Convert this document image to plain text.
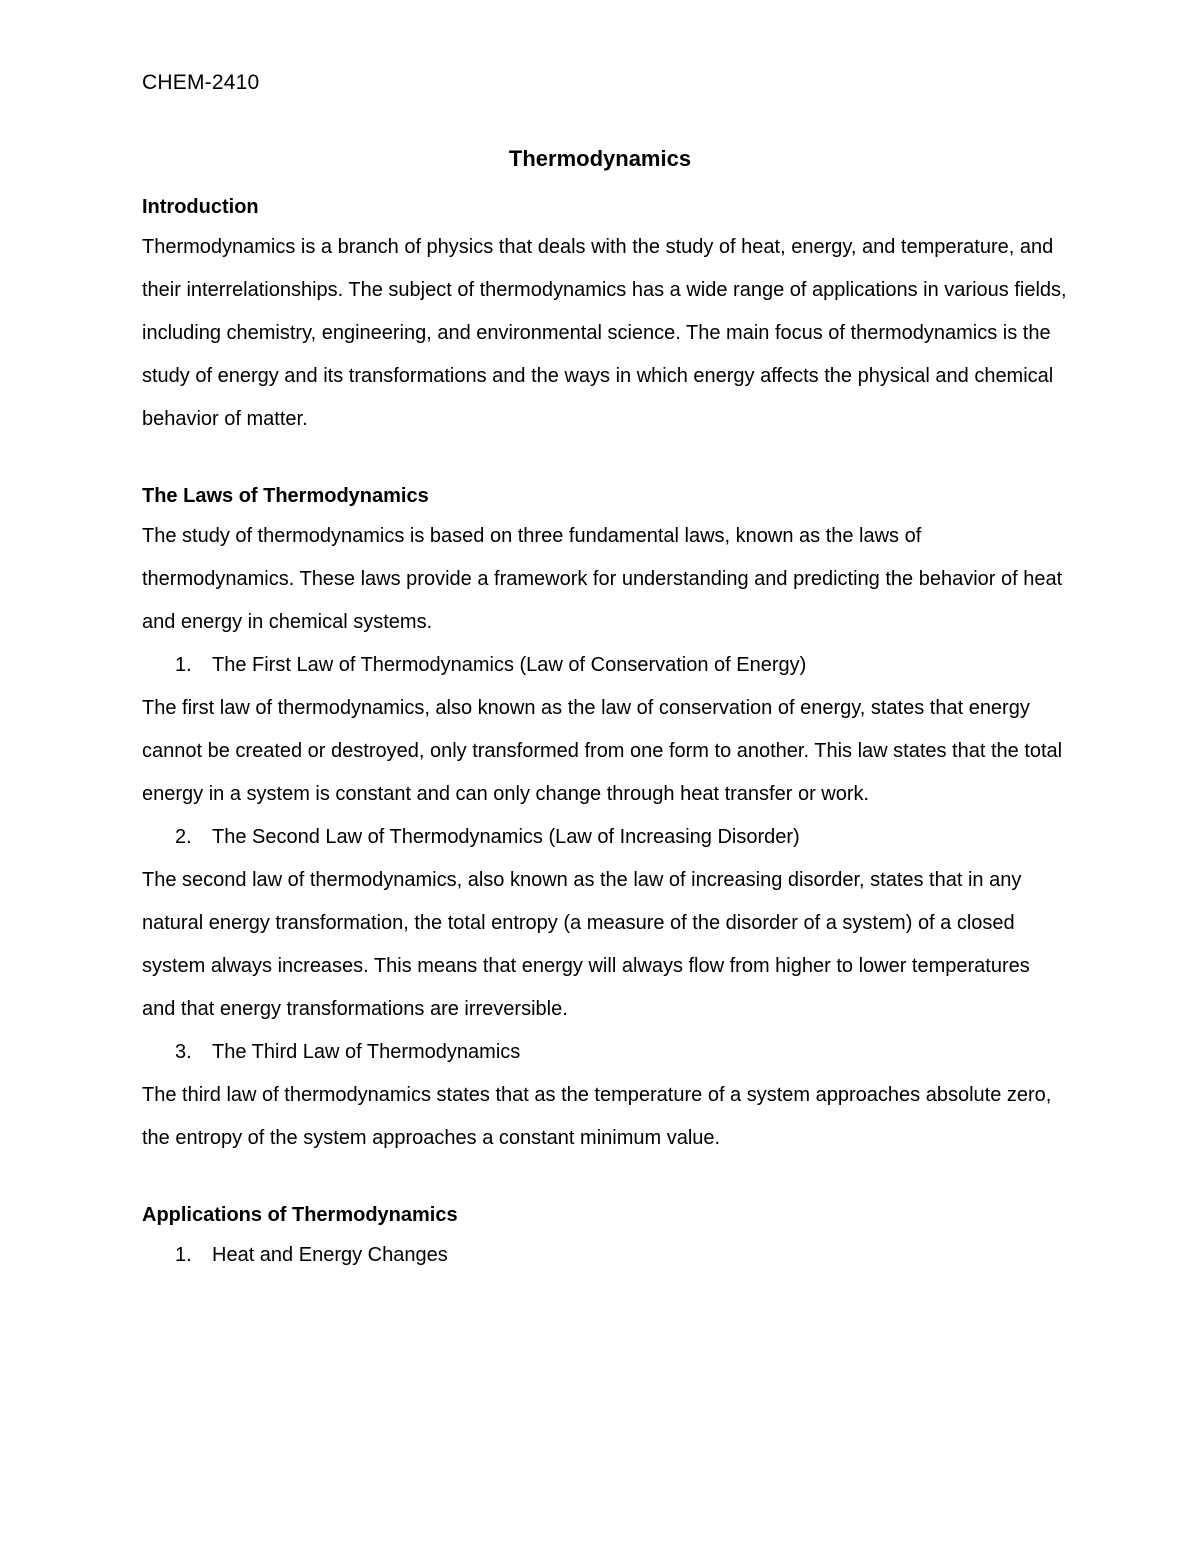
CHEM-2410
Thermodynamics
Introduction
Thermodynamics is a branch of physics that deals with the study of heat, energy, and temperature, and their interrelationships. The subject of thermodynamics has a wide range of applications in various fields, including chemistry, engineering, and environmental science. The main focus of thermodynamics is the study of energy and its transformations and the ways in which energy affects the physical and chemical behavior of matter.
The Laws of Thermodynamics
The study of thermodynamics is based on three fundamental laws, known as the laws of thermodynamics. These laws provide a framework for understanding and predicting the behavior of heat and energy in chemical systems.
1.	The First Law of Thermodynamics (Law of Conservation of Energy)
The first law of thermodynamics, also known as the law of conservation of energy, states that energy cannot be created or destroyed, only transformed from one form to another. This law states that the total energy in a system is constant and can only change through heat transfer or work.
2.	The Second Law of Thermodynamics (Law of Increasing Disorder)
The second law of thermodynamics, also known as the law of increasing disorder, states that in any natural energy transformation, the total entropy (a measure of the disorder of a system) of a closed system always increases. This means that energy will always flow from higher to lower temperatures and that energy transformations are irreversible.
3.	The Third Law of Thermodynamics
The third law of thermodynamics states that as the temperature of a system approaches absolute zero, the entropy of the system approaches a constant minimum value.
Applications of Thermodynamics
1.	Heat and Energy Changes
